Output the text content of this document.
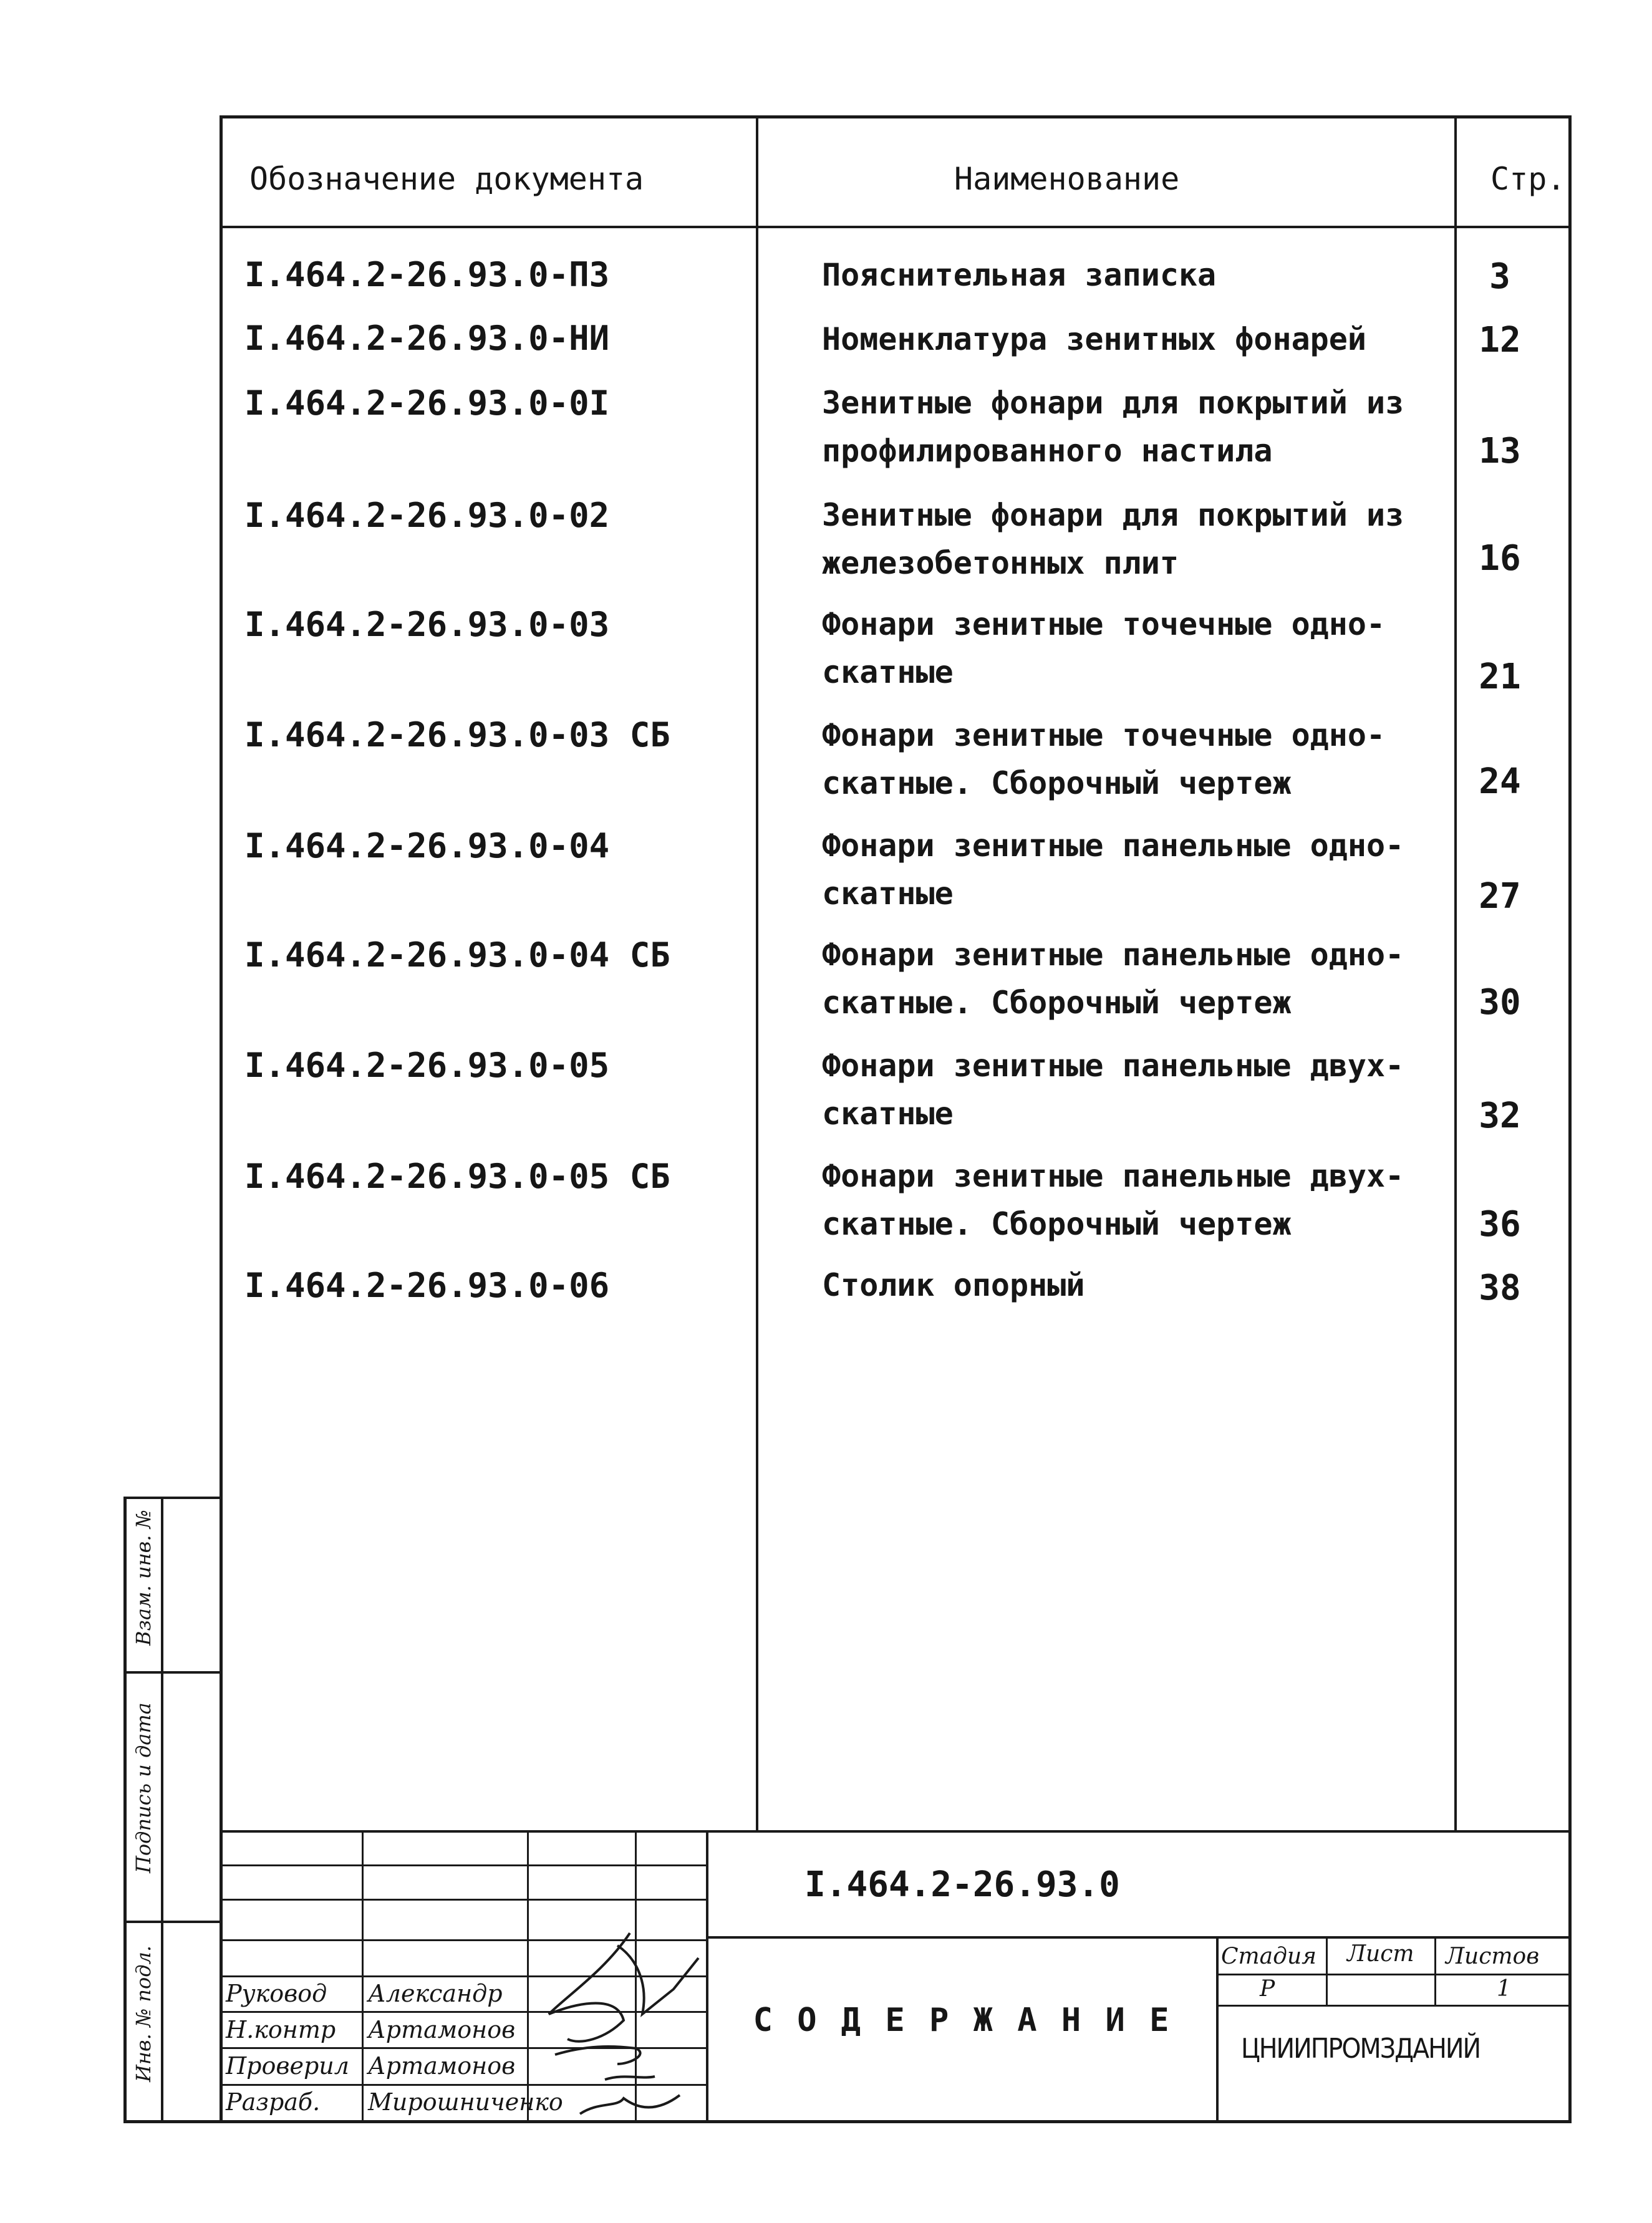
Обозначение документа	Наименование	Стр.
I.464.2-26.93.0-ПЗ	Пояснительная записка	3
I.464.2-26.93.0-НИ	Номенклатура зенитных фонарей	12
I.464.2-26.93.0-0I	Зенитные фонари для покрытий из
профилированного настила	13
I.464.2-26.93.0-02	Зенитные фонари для покрытий из
железобетонных плит	16
I.464.2-26.93.0-03	Фонари зенитные точечные одно-
скатные	21
I.464.2-26.93.0-03 СБ	Фонари зенитные точечные одно-
скатные. Сборочный чертеж	24
I.464.2-26.93.0-04	Фонари зенитные панельные одно-
скатные	27
I.464.2-26.93.0-04 СБ	Фонари зенитные панельные одно-
скатные. Сборочный чертеж	30
I.464.2-26.93.0-05	Фонари зенитные панельные двух-
скатные	32
I.464.2-26.93.0-05 СБ	Фонари зенитные панельные двух-
скатные. Сборочный чертеж	36
I.464.2-26.93.0-06	Столик опорный	38
Руковод Александр
Н.контр Артамонов
Проверил Артамонов
Разраб. Мирошниченко
I.464.2-26.93.0
С О Д Е Р Ж А Н И Е
Стадия Лист Листов
Р	1
ЦНИИПРОМЗДАНИЙ
Взам. инв. №
Подпись и дата
Инв. № подл.
